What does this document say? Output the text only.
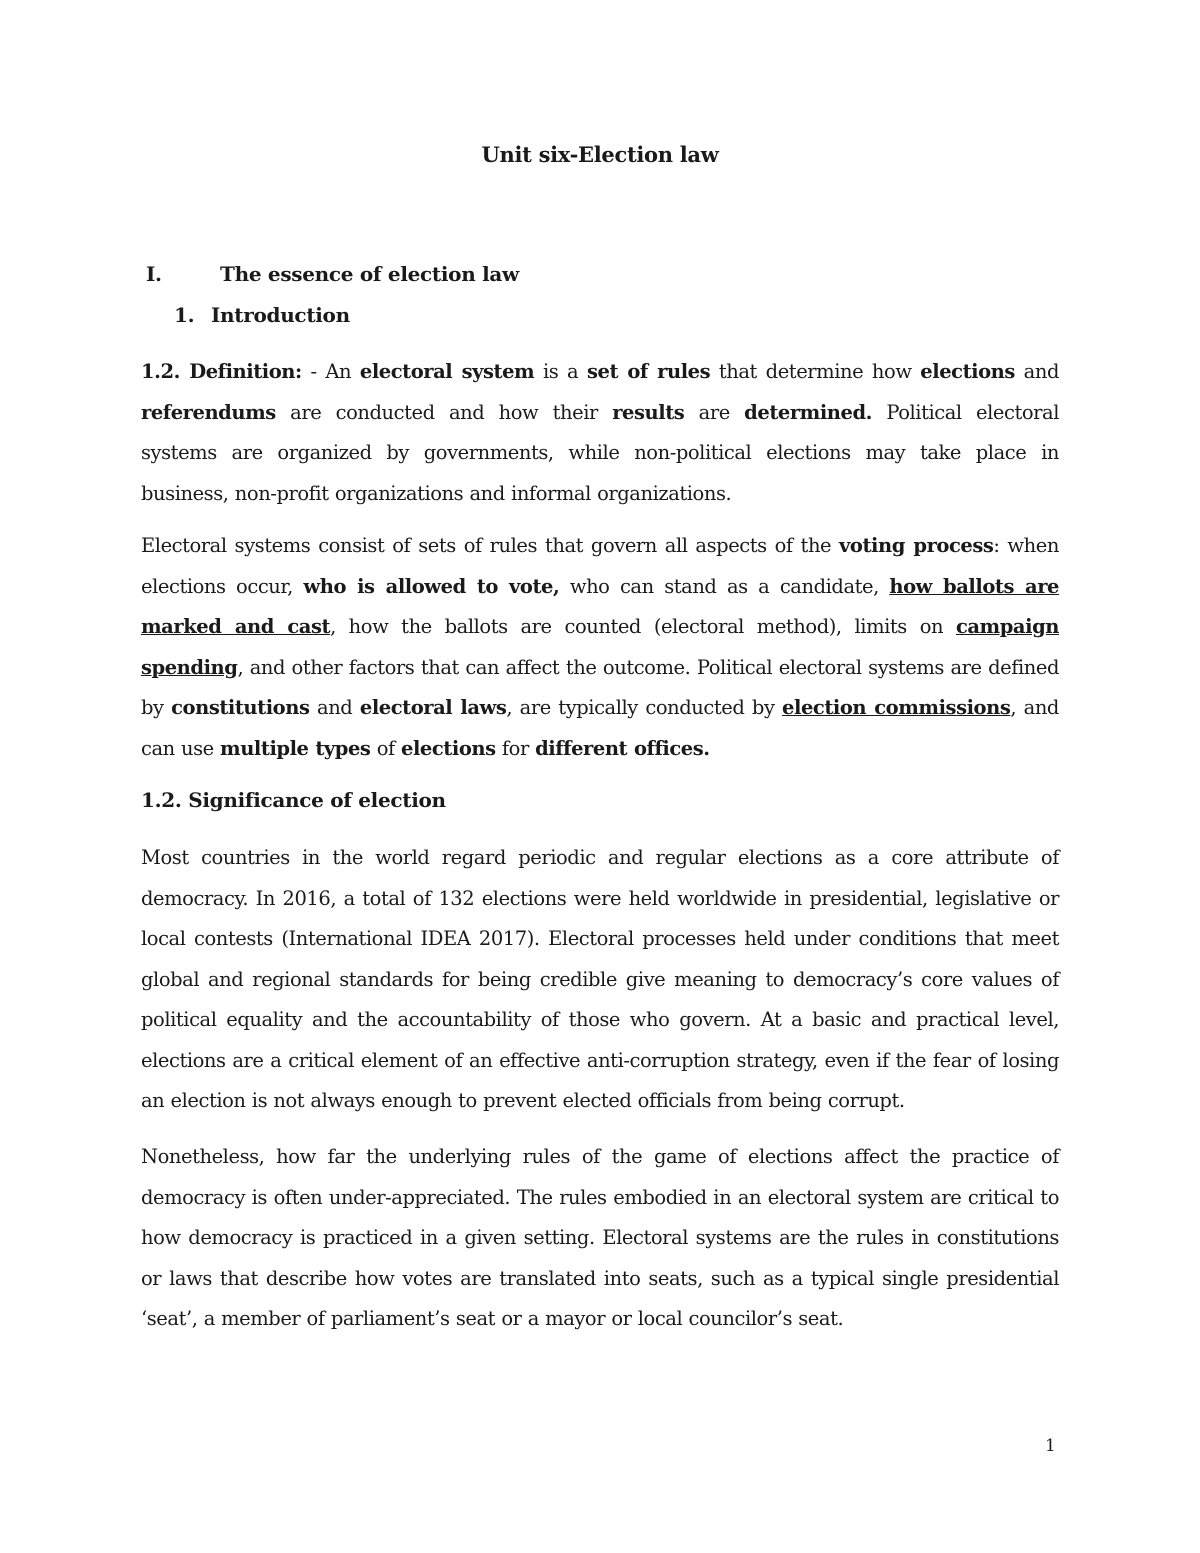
Unit six-Election law
I.	The essence of election law
1. Introduction

1.2. Definition: - An electoral system is a set of rules that determine how elections and referendums are conducted and how their results are determined. Political electoral systems are organized by governments, while non-political elections may take place in business, non-profit organizations and informal organizations.

Electoral systems consist of sets of rules that govern all aspects of the voting process: when elections occur, who is allowed to vote, who can stand as a candidate, how ballots are marked and cast, how the ballots are counted (electoral method), limits on campaign spending, and other factors that can affect the outcome. Political electoral systems are defined by constitutions and electoral laws, are typically conducted by election commissions, and can use multiple types of elections for different offices.

1.2. Significance of election

Most countries in the world regard periodic and regular elections as a core attribute of democracy. In 2016, a total of 132 elections were held worldwide in presidential, legislative or local contests (International IDEA 2017). Electoral processes held under conditions that meet global and regional standards for being credible give meaning to democracy’s core values of political equality and the accountability of those who govern. At a basic and practical level, elections are a critical element of an effective anti-corruption strategy, even if the fear of losing an election is not always enough to prevent elected officials from being corrupt.

Nonetheless, how far the underlying rules of the game of elections affect the practice of democracy is often under-appreciated. The rules embodied in an electoral system are critical to how democracy is practiced in a given setting. Electoral systems are the rules in constitutions or laws that describe how votes are translated into seats, such as a typical single presidential ‘seat’, a member of parliament’s seat or a mayor or local councilor’s seat.

1
